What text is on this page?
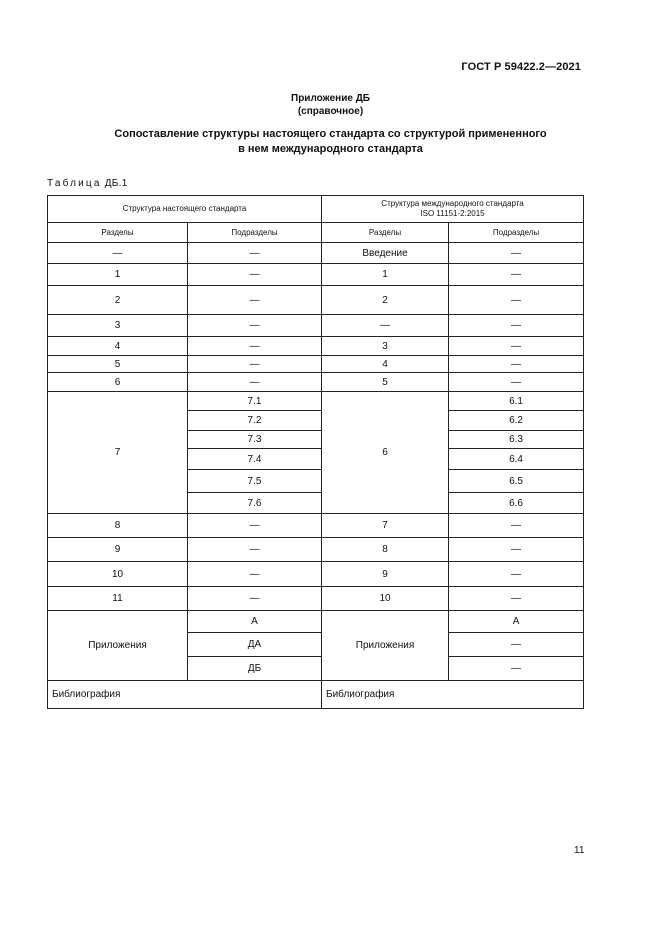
ГОСТ Р 59422.2—2021
Приложение ДБ
(справочное)
Сопоставление структуры настоящего стандарта со структурой примененного
в нем международного стандарта
Таблица ДБ.1
Структура настоящего стандарта		Структура международного стандарта
ISO 11151-2:2015	

Разделы	Подразделы	Разделы	Подразделы
—	—	Введение	—
1	—	1	—
2	—	2	—
3	—	—	—
4	—	3	—
5	—	4	—
6	—	5	—
7	7.1	6	6.1
	7.2		6.2
	7.3		6.3
	7.4		6.4
	7.5		6.5
	7.6		6.6
8	—	7	—
9	—	8	—
10	—	9	—
11	—	10	—
Приложения	А	Приложения	А
	ДА		—
	ДБ		—
Библиография		Библиография	
11
